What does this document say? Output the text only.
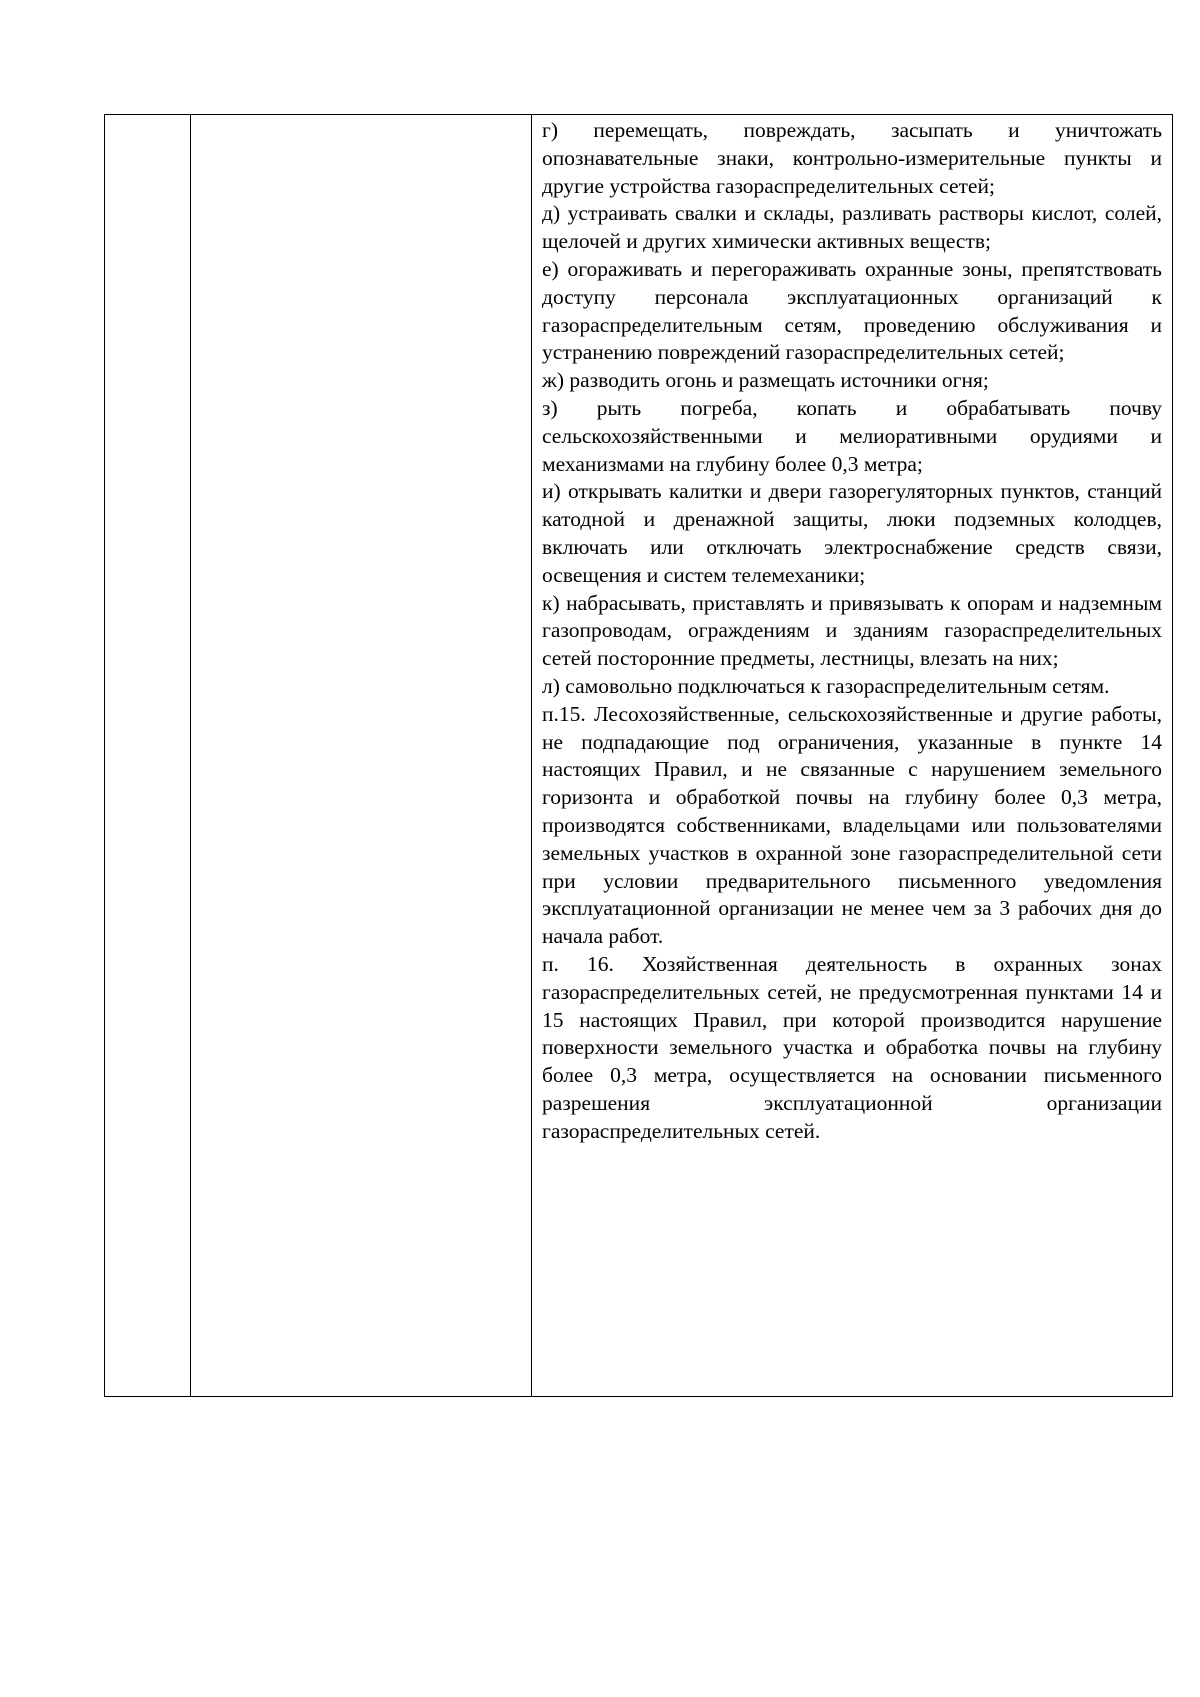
г) перемещать, повреждать, засыпать и уничтожать опознавательные знаки, контрольно-измерительные пункты и другие устройства газораспределительных сетей;

д) устраивать свалки и склады, разливать растворы кислот, солей, щелочей и других химически активных веществ;

е) огораживать и перегораживать охранные зоны, препятствовать доступу персонала эксплуатационных организаций к газораспределительным сетям, проведению обслуживания и устранению повреждений газораспределительных сетей;

ж) разводить огонь и размещать источники огня;

з) рыть погреба, копать и обрабатывать почву сельскохозяйственными и мелиоративными орудиями и механизмами на глубину более 0,3 метра;

и) открывать калитки и двери газорегуляторных пунктов, станций катодной и дренажной защиты, люки подземных колодцев, включать или отключать электроснабжение средств связи, освещения и систем телемеханики;

к) набрасывать, приставлять и привязывать к опорам и надземным газопроводам, ограждениям и зданиям газораспределительных сетей посторонние предметы, лестницы, влезать на них;

л) самовольно подключаться к газораспределительным сетям.

п.15. Лесохозяйственные, сельскохозяйственные и другие работы, не подпадающие под ограничения, указанные в пункте 14 настоящих Правил, и не связанные с нарушением земельного горизонта и обработкой почвы на глубину более 0,3 метра, производятся собственниками, владельцами или пользователями земельных участков в охранной зоне газораспределительной сети при условии предварительного письменного уведомления эксплуатационной организации не менее чем за 3 рабочих дня до начала работ.

п. 16. Хозяйственная деятельность в охранных зонах газораспределительных сетей, не предусмотренная пунктами 14 и 15 настоящих Правил, при которой производится нарушение поверхности земельного участка и обработка почвы на глубину более 0,3 метра, осуществляется на основании письменного разрешения эксплуатационной организации газораспределительных сетей.
